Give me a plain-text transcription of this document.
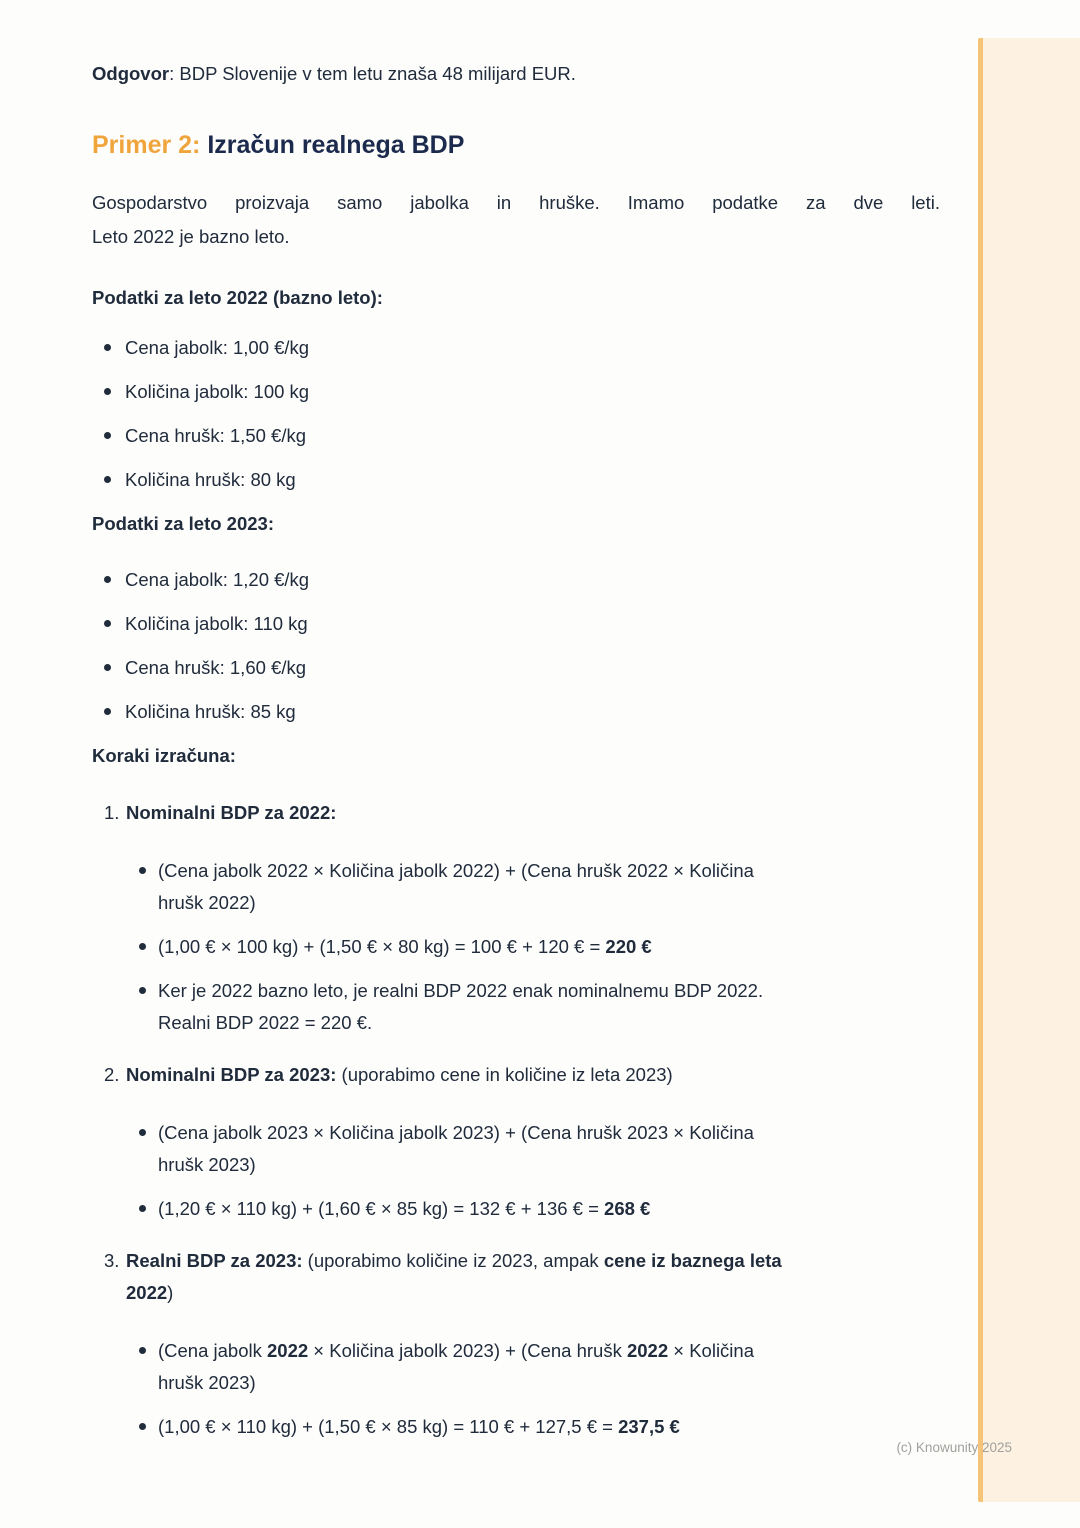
Odgovor: BDP Slovenije v tem letu znaša 48 milijard EUR.

Primer 2: Izračun realnega BDP

Gospodarstvo proizvaja samo jabolka in hruške. Imamo podatke za dve leti.
Leto 2022 je bazno leto.

Podatki za leto 2022 (bazno leto):
Cena jabolk: 1,00 €/kg
Količina jabolk: 100 kg
Cena hrušk: 1,50 €/kg
Količina hrušk: 80 kg
Podatki za leto 2023:
Cena jabolk: 1,20 €/kg
Količina jabolk: 110 kg
Cena hrušk: 1,60 €/kg
Količina hrušk: 85 kg
Koraki izračuna:
1. Nominalni BDP za 2022:
(Cena jabolk 2022 × Količina jabolk 2022) + (Cena hrušk 2022 × Količina hrušk 2022)
(1,00 € × 100 kg) + (1,50 € × 80 kg) = 100 € + 120 € = 220 €
Ker je 2022 bazno leto, je realni BDP 2022 enak nominalnemu BDP 2022. Realni BDP 2022 = 220 €.
2. Nominalni BDP za 2023: (uporabimo cene in količine iz leta 2023)
(Cena jabolk 2023 × Količina jabolk 2023) + (Cena hrušk 2023 × Količina hrušk 2023)
(1,20 € × 110 kg) + (1,60 € × 85 kg) = 132 € + 136 € = 268 €
3. Realni BDP za 2023: (uporabimo količine iz 2023, ampak cene iz baznega leta 2022)
(Cena jabolk 2022 × Količina jabolk 2023) + (Cena hrušk 2022 × Količina hrušk 2023)
(1,00 € × 110 kg) + (1,50 € × 85 kg) = 110 € + 127,5 € = 237,5 €
(c) Knowunity 2025
